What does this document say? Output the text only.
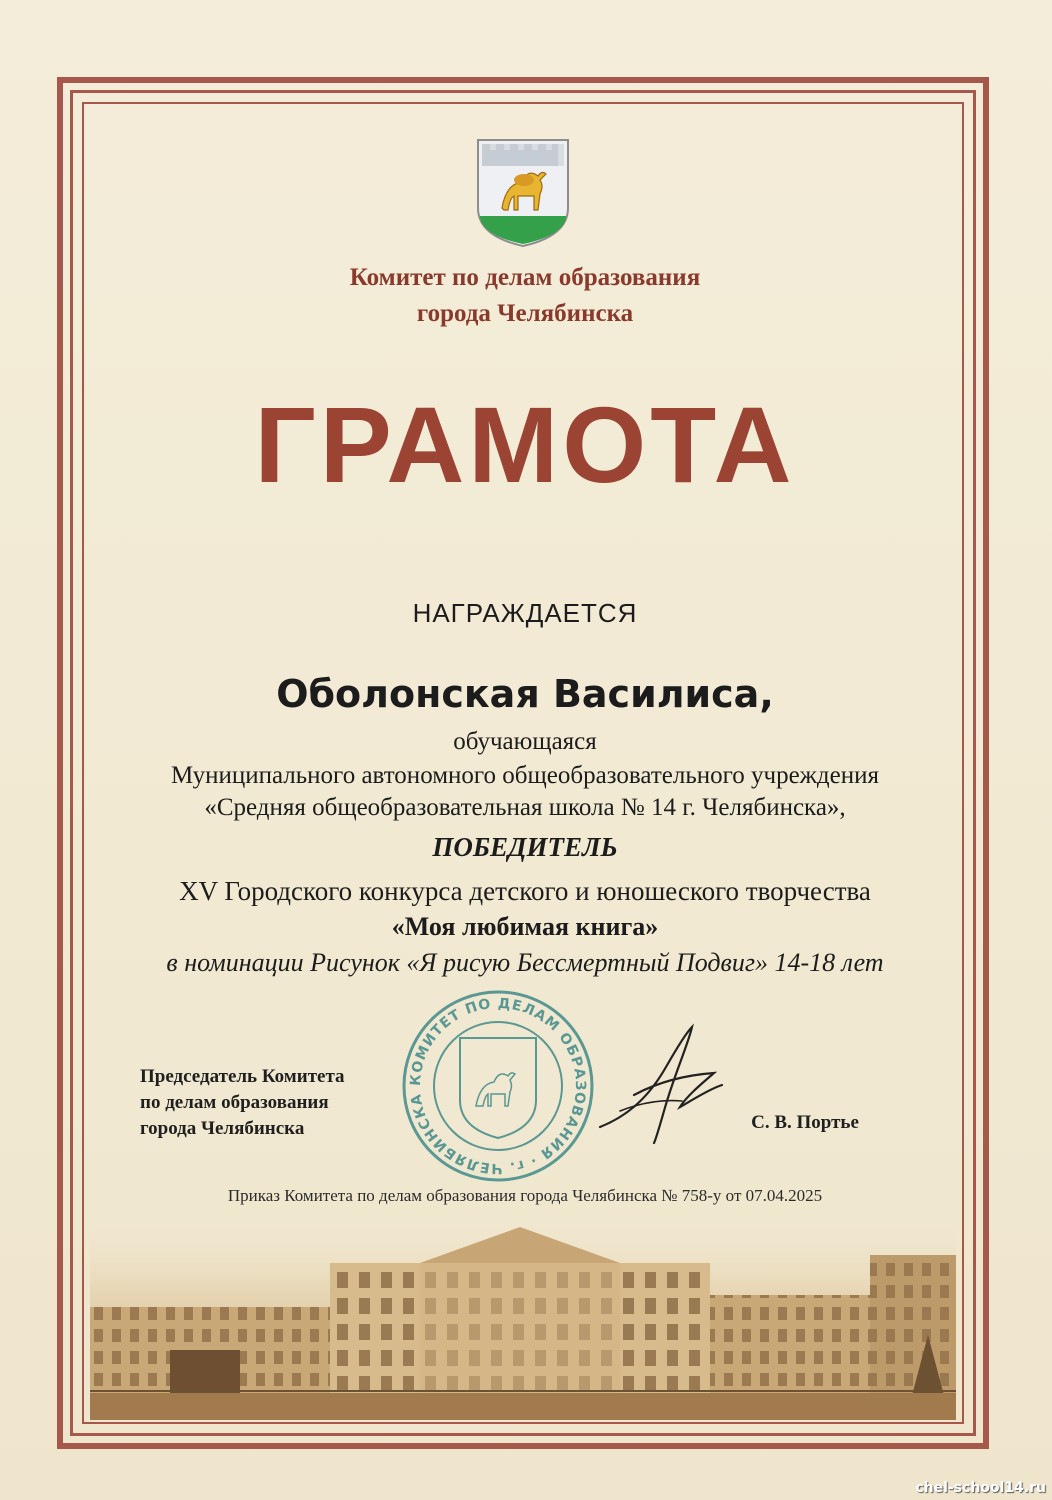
Комитет по делам образования
города Челябинска
ГРАМОТА
НАГРАЖДАЕТСЯ
Оболонская Василиса,
обучающаяся
Муниципального автономного общеобразовательного учреждения
«Средняя общеобразовательная школа № 14 г. Челябинска»,
ПОБЕДИТЕЛЬ
XV Городского конкурса детского и юношеского творчества
«Моя любимая книга»
в номинации Рисунок «Я рисую Бессмертный Подвиг» 14-18 лет
Председатель Комитета
по делам образования
города Челябинска
КОМИТЕТ ПО ДЕЛАМ ОБРАЗОВАНИЯ · г. ЧЕЛЯБИНСКА
С. В. Портье
Приказ Комитета по делам образования города Челябинска № 758-у от 07.04.2025
chel-school14.ru
